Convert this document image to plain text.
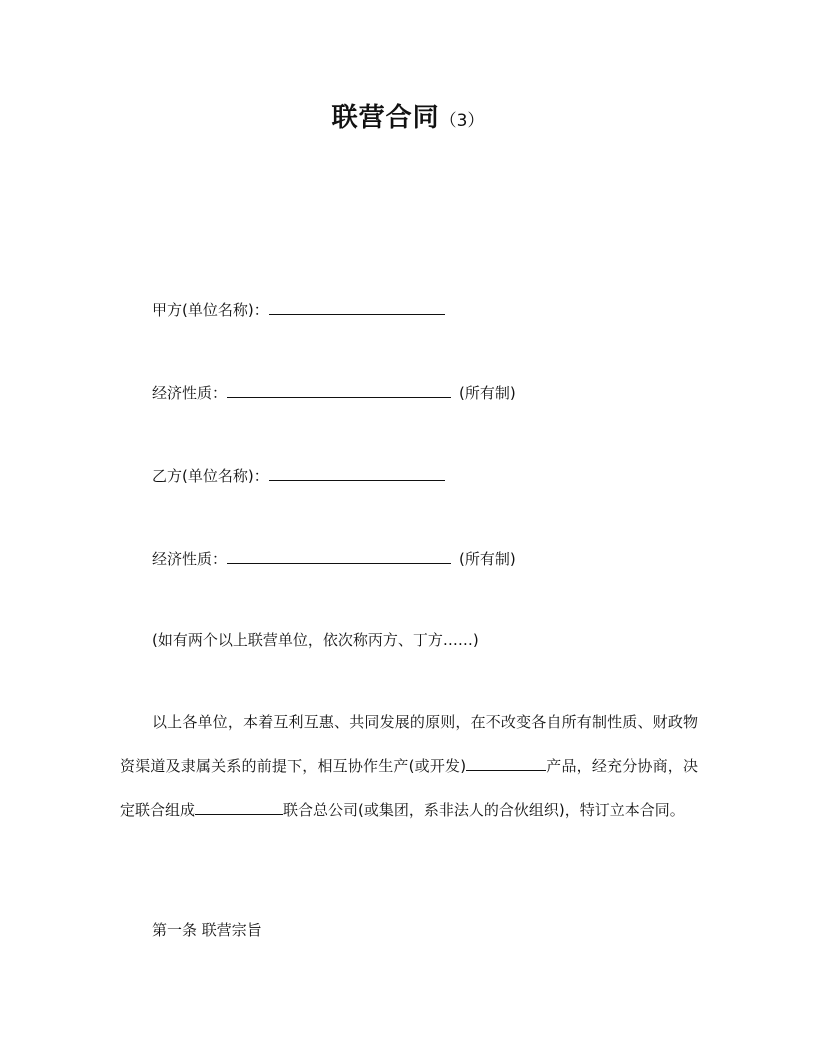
联营合同（3）
甲方(单位名称)：
经济性质：	(所有制)
乙方(单位名称)：
经济性质：	(所有制)
(如有两个以上联营单位，依次称丙方、丁方……)
以上各单位，本着互利互惠、共同发展的原则，在不改变各自所有制性质、财政物资渠道及隶属关系的前提下，相互协作生产(或开发)	产品，经充分协商，决定联合组成	联合总公司(或集团，系非法人的合伙组织)，特订立本合同。
第一条 联营宗旨
